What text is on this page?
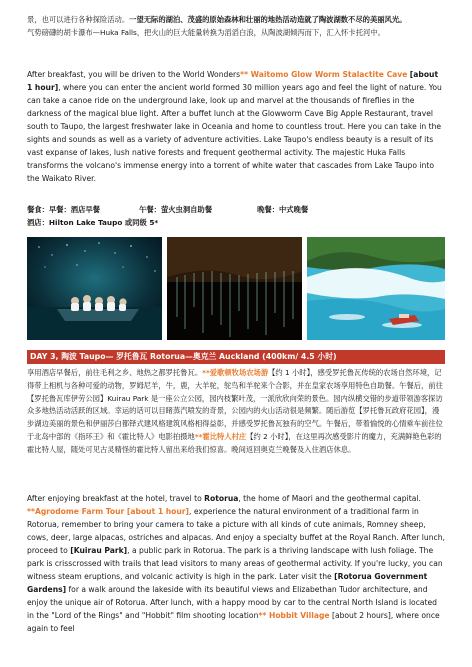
景，也可以进行各种探险活动。一望无际的湖泊、茂盛的原始森林和壮丽的地热活动造就了陶波湖数不尽的美丽风光。
气势磅礴的胡卡瀑布—Huka Falls，把火山的巨大能量转换为滔滔白浪，从陶波湖倾泻而下，汇入怀卡托河中。

After breakfast, you will be driven to the World Wonders** Waitomo Glow Worm Stalactite Cave [about 1 hour], where you can enter the ancient world formed 30 million years ago and feel the light of nature. You can take a canoe ride on the underground lake, look up and marvel at the thousands of fireflies in the darkness of the magical blue light. After a buffet lunch at the Glowworm Cave Big Apple Restaurant, travel south to Taupo, the largest freshwater lake in Oceania and home to countless trout. Here you can take in the sights and sounds as well as a variety of adventure activities. Lake Taupo's endless beauty is a result of its vast expanse of lakes, lush native forests and frequent geothermal activity. The majestic Huka Falls transforms the volcano's immense energy into a torrent of white water that cascades from Lake Taupo into the Waikato River.

餐食：早餐：酒店早餐	午餐：萤火虫洞自助餐	晚餐：中式晚餐
酒店：Hilton Lake Taupo 或同级 5*
DAY 3, 陶波 Taupo— 罗托鲁瓦 Rotorua—奥克兰 Auckland (400km/ 4.5 小时)

享用酒店早餐后，前往毛利之乡、地热之都罗托鲁瓦。**爱歌顿牧场农场游【约 1 小时】，感受罗托鲁瓦传统的农场自然环境，记得带上相机与各种可爱的动物，罗姆尼羊，牛，鹿，大羊驼，鸵鸟和羊驼来个合影，并在皇家农场享用特色自助餐。午餐后，前往【罗托鲁瓦库伊劳公园】Kuirau Park 是一座公立公园，园内枝繁叶茂，一派欣欣向荣的景色。园内纵横交错的步道带领游客探访众多地热活动活跃的区域。幸运的话可以目睹蒸汽喷发的奇景，公园内的火山活动很是频繁。随后游览【罗托鲁瓦政府花园】，漫步湖边美丽的景色和伊丽莎白都铎式建风格建筑风格相得益彰，并感受罗托鲁瓦独有的空气。午餐后，带着愉悦的心情乘车前往位于北岛中部的《指环王》和《霍比特人》电影拍摄地**霍比特人村庄【约 2 小时】，在这里再次感受影片的魔力，充满鲜艳色彩的霍比特人屋，随处可见古灵精怪的霍比特人留出来给我们惊喜。晚间返回奥克兰晚餐及入住酒店休息。

After enjoying breakfast at the hotel, travel to Rotorua, the home of Maori and the geothermal capital. **Agrodome Farm Tour [about 1 hour], experience the natural environment of a traditional farm in Rotorua, remember to bring your camera to take a picture with all kinds of cute animals, Romney sheep, cows, deer, large alpacas, ostriches and alpacas. And enjoy a specialty buffet at the Royal Ranch. After lunch, proceed to [Kuirau Park], a public park in Rotorua. The park is a thriving landscape with lush foliage. The park is crisscrossed with trails that lead visitors to many areas of geothermal activity. If you're lucky, you can witness steam eruptions, and volcanic activity is high in the park. Later visit the [Rotorua Government Gardens] for a walk around the lakeside with its beautiful views and Elizabethan Tudor architecture, and enjoy the unique air of Rotorua. After lunch, with a happy mood by car to the central North Island is located in the "Lord of the Rings" and "Hobbit" film shooting location** Hobbit Village [about 2 hours], where once again to feel
